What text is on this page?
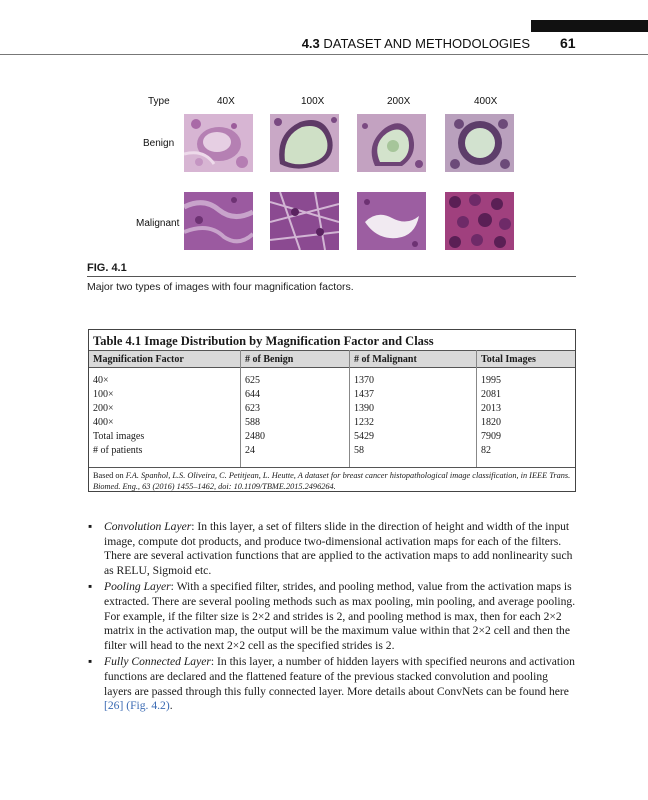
4.3 DATASET AND METHODOLOGIES 61
Type	40X	100X	200X	400X
Benign
Malignant
FIG. 4.1
Major two types of images with four magnification factors.
Table 4.1 Image Distribution by Magnification Factor and Class
Magnification Factor	# of Benign	# of Malignant	Total Images
40×	625	1370	1995
100×	644	1437	2081
200×	623	1390	2013
400×	588	1232	1820
Total images	2480	5429	7909
# of patients	24	58	82
Based on F.A. Spanhol, L.S. Oliveira, C. Petitjean, L. Heutte, A dataset for breast cancer histopathological image classification, in IEEE Trans. Biomed. Eng., 63 (2016) 1455–1462, doi: 10.1109/TBME.2015.2496264.
▪ Convolution Layer: In this layer, a set of filters slide in the direction of height and width of the input image, compute dot products, and produce two-dimensional activation maps for each of the filters. There are several activation functions that are applied to the activation maps to add nonlinearity such as RELU, Sigmoid etc.
▪ Pooling Layer: With a specified filter, strides, and pooling method, value from the activation maps is extracted. There are several pooling methods such as max pooling, min pooling, and average pooling. For example, if the filter size is 2×2 and strides is 2, and pooling method is max, then for each 2×2 matrix in the activation map, the output will be the maximum value within that 2×2 cell and then the filter will head to the next 2×2 cell as the specified strides is 2.
▪ Fully Connected Layer: In this layer, a number of hidden layers with specified neurons and activation functions are declared and the flattened feature of the previous stacked convolution and pooling layers are passed through this fully connected layer. More details about ConvNets can be found here [26] (Fig. 4.2).
